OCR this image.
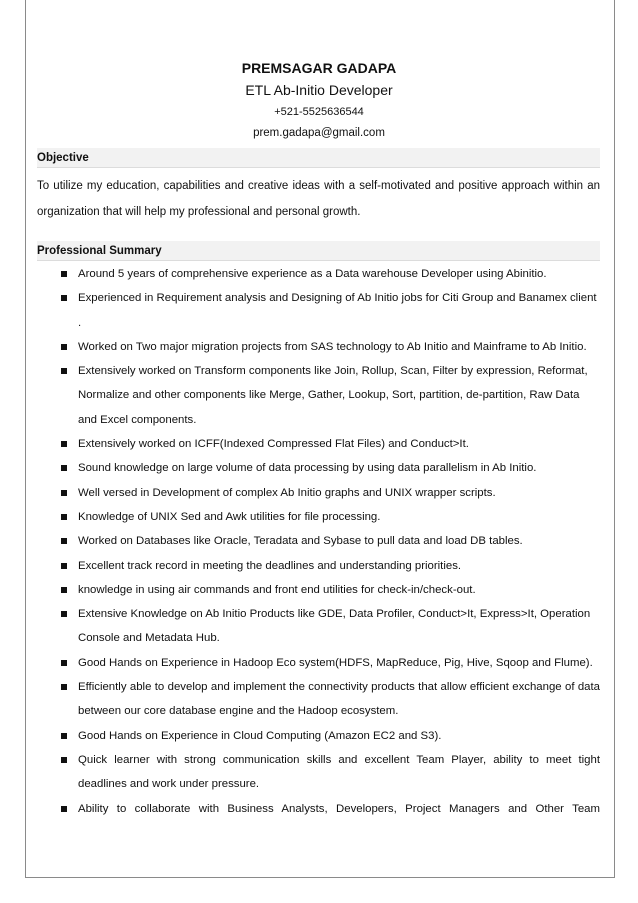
PREMSAGAR GADAPA
ETL Ab-Initio Developer
+521-5525636544
prem.gadapa@gmail.com
Objective
To utilize my education, capabilities and creative ideas with a self-motivated and positive approach within an organization that will help my professional and personal growth.
Professional Summary
Around 5 years of comprehensive experience as a Data warehouse Developer using Abinitio.
Experienced in Requirement analysis and Designing of Ab Initio jobs for Citi Group and Banamex client .
Worked on Two major migration projects from SAS technology to Ab Initio and Mainframe to Ab Initio.
Extensively worked on Transform components like Join, Rollup, Scan, Filter by expression, Reformat, Normalize and other components like Merge, Gather, Lookup, Sort, partition, de-partition, Raw Data and Excel components.
Extensively worked on ICFF(Indexed Compressed Flat Files) and Conduct>It.
Sound knowledge on large volume of data processing by using data parallelism in Ab Initio.
Well versed in Development of complex Ab Initio graphs and UNIX wrapper scripts.
Knowledge of UNIX Sed and Awk utilities for file processing.
Worked on Databases like Oracle, Teradata and Sybase to pull data and load DB tables.
Excellent track record in meeting the deadlines and understanding priorities.
knowledge in using air commands and front end utilities for check-in/check-out.
Extensive Knowledge on Ab Initio Products like GDE, Data Profiler, Conduct>It, Express>It, Operation Console and Metadata Hub.
Good Hands on Experience in Hadoop Eco system(HDFS, MapReduce, Pig, Hive, Sqoop and Flume).
Efficiently able to develop and implement the connectivity products that allow efficient exchange of data between our core database engine and the Hadoop ecosystem.
Good Hands on Experience in Cloud Computing (Amazon EC2 and S3).
Quick learner with strong communication skills and excellent Team Player, ability to meet tight deadlines and work under pressure.
Ability to collaborate with Business Analysts, Developers, Project Managers and Other Team
